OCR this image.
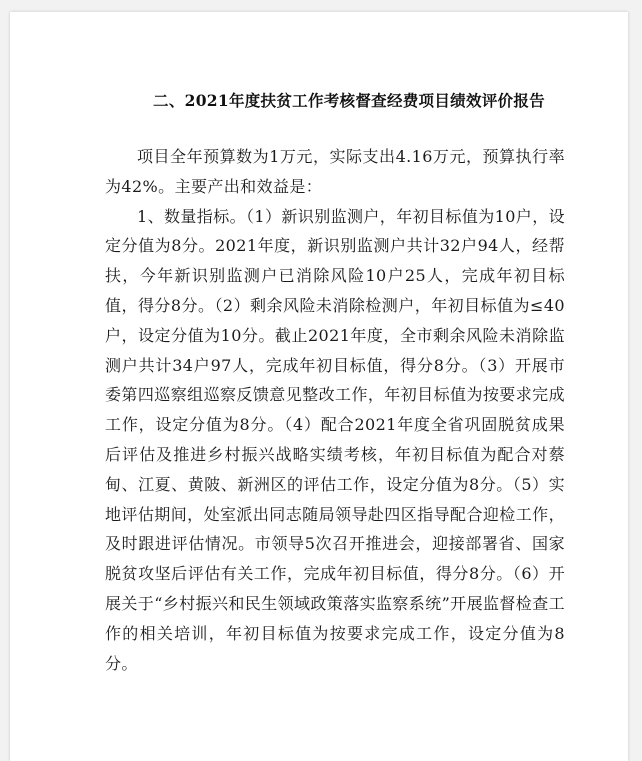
二、2021年度扶贫工作考核督查经费项目绩效评价报告

项目全年预算数为1万元，实际支出4.16万元，预算执行率为42%。主要产出和效益是：

1、数量指标。（1）新识别监测户，年初目标值为10户，设定分值为8分。2021年度，新识别监测户共计32户94人，经帮扶，今年新识别监测户已消除风险10户25人，完成年初目标值，得分8分。（2）剩余风险未消除检测户，年初目标值为≤40户，设定分值为10分。截止2021年度，全市剩余风险未消除监测户共计34户97人，完成年初目标值，得分8分。（3）开展市委第四巡察组巡察反馈意见整改工作，年初目标值为按要求完成工作，设定分值为8分。（4）配合2021年度全省巩固脱贫成果后评估及推进乡村振兴战略实绩考核，年初目标值为配合对蔡甸、江夏、黄陂、新洲区的评估工作，设定分值为8分。（5）实地评估期间，处室派出同志随局领导赴四区指导配合迎检工作，及时跟进评估情况。市领导5次召开推进会，迎接部署省、国家脱贫攻坚后评估有关工作，完成年初目标值，得分8分。（6）开展关于“乡村振兴和民生领域政策落实监察系统”开展监督检查工作的相关培训，年初目标值为按要求完成工作，设定分值为8分。
